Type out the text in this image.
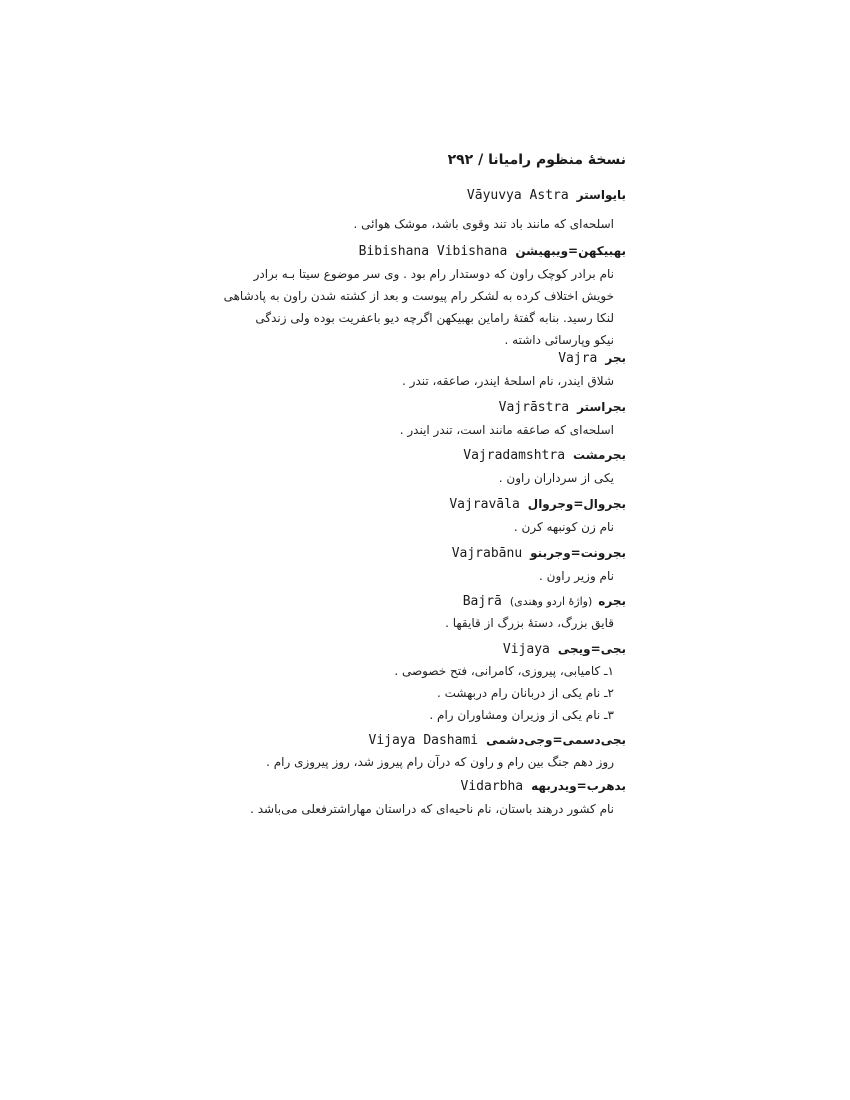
نسخهٔ منظوم رامیانا / ۲۹۲
بایواسترVāyuvya Astra
اسلحه‌ای که مانند باد تند وقوی باشد، موشک هوائی .
بهبیکهن=ویبهیشنBibishana Vibishana
نام برادر کوچک راون که دوستدار رام بود . وی سر موضوع سیتا بـه برادر
خویش اختلاف کرده به لشکر رام پیوست و بعد از کشته شدن راون به پادشاهی
لنکا رسید. بنابه گفتهٔ راماین بهبیکهن اگرچه دیو باعفریت بوده ولی زندگی
نیکو وپارسائی داشته .
بجرVajra
شلاق ایندر، نام اسلحهٔ ایندر، صاعقه، تندر .
بجراسترVajrāstra
اسلحه‌ای که صاعقه مانند است، تندر ایندر .
بجرمشتVajradamshtra
یکی از سرداران راون .
بجروال=وجروالVajravāla
نام زن کونبهه کرن .
بجرونت=وجربنوVajrabānu
نام وزیر راون .
بجره(واژهٔ اردو وهندی)Bajrā
قایق بزرگ، دستهٔ بزرگ از قایقها .
بجی=ویجیVijaya
۱ـ کامیابی، پیروزی، کامرانی، فتح خصوصی .
۲ـ نام یکی از دربانان رام دربهشت .
۳ـ نام یکی از وزیران ومشاوران رام .
بجی‌دسمی=وجی‌دشمیVijaya Dashami
روز دهم جنگ بین رام و راون که درآن رام پیروز شد، روز پیروزی رام .
بدهرب=ویدربههVidarbha
نام کشور درهند باستان، نام ناحیه‌ای که دراستان مهاراشترفعلی می‌باشد .
